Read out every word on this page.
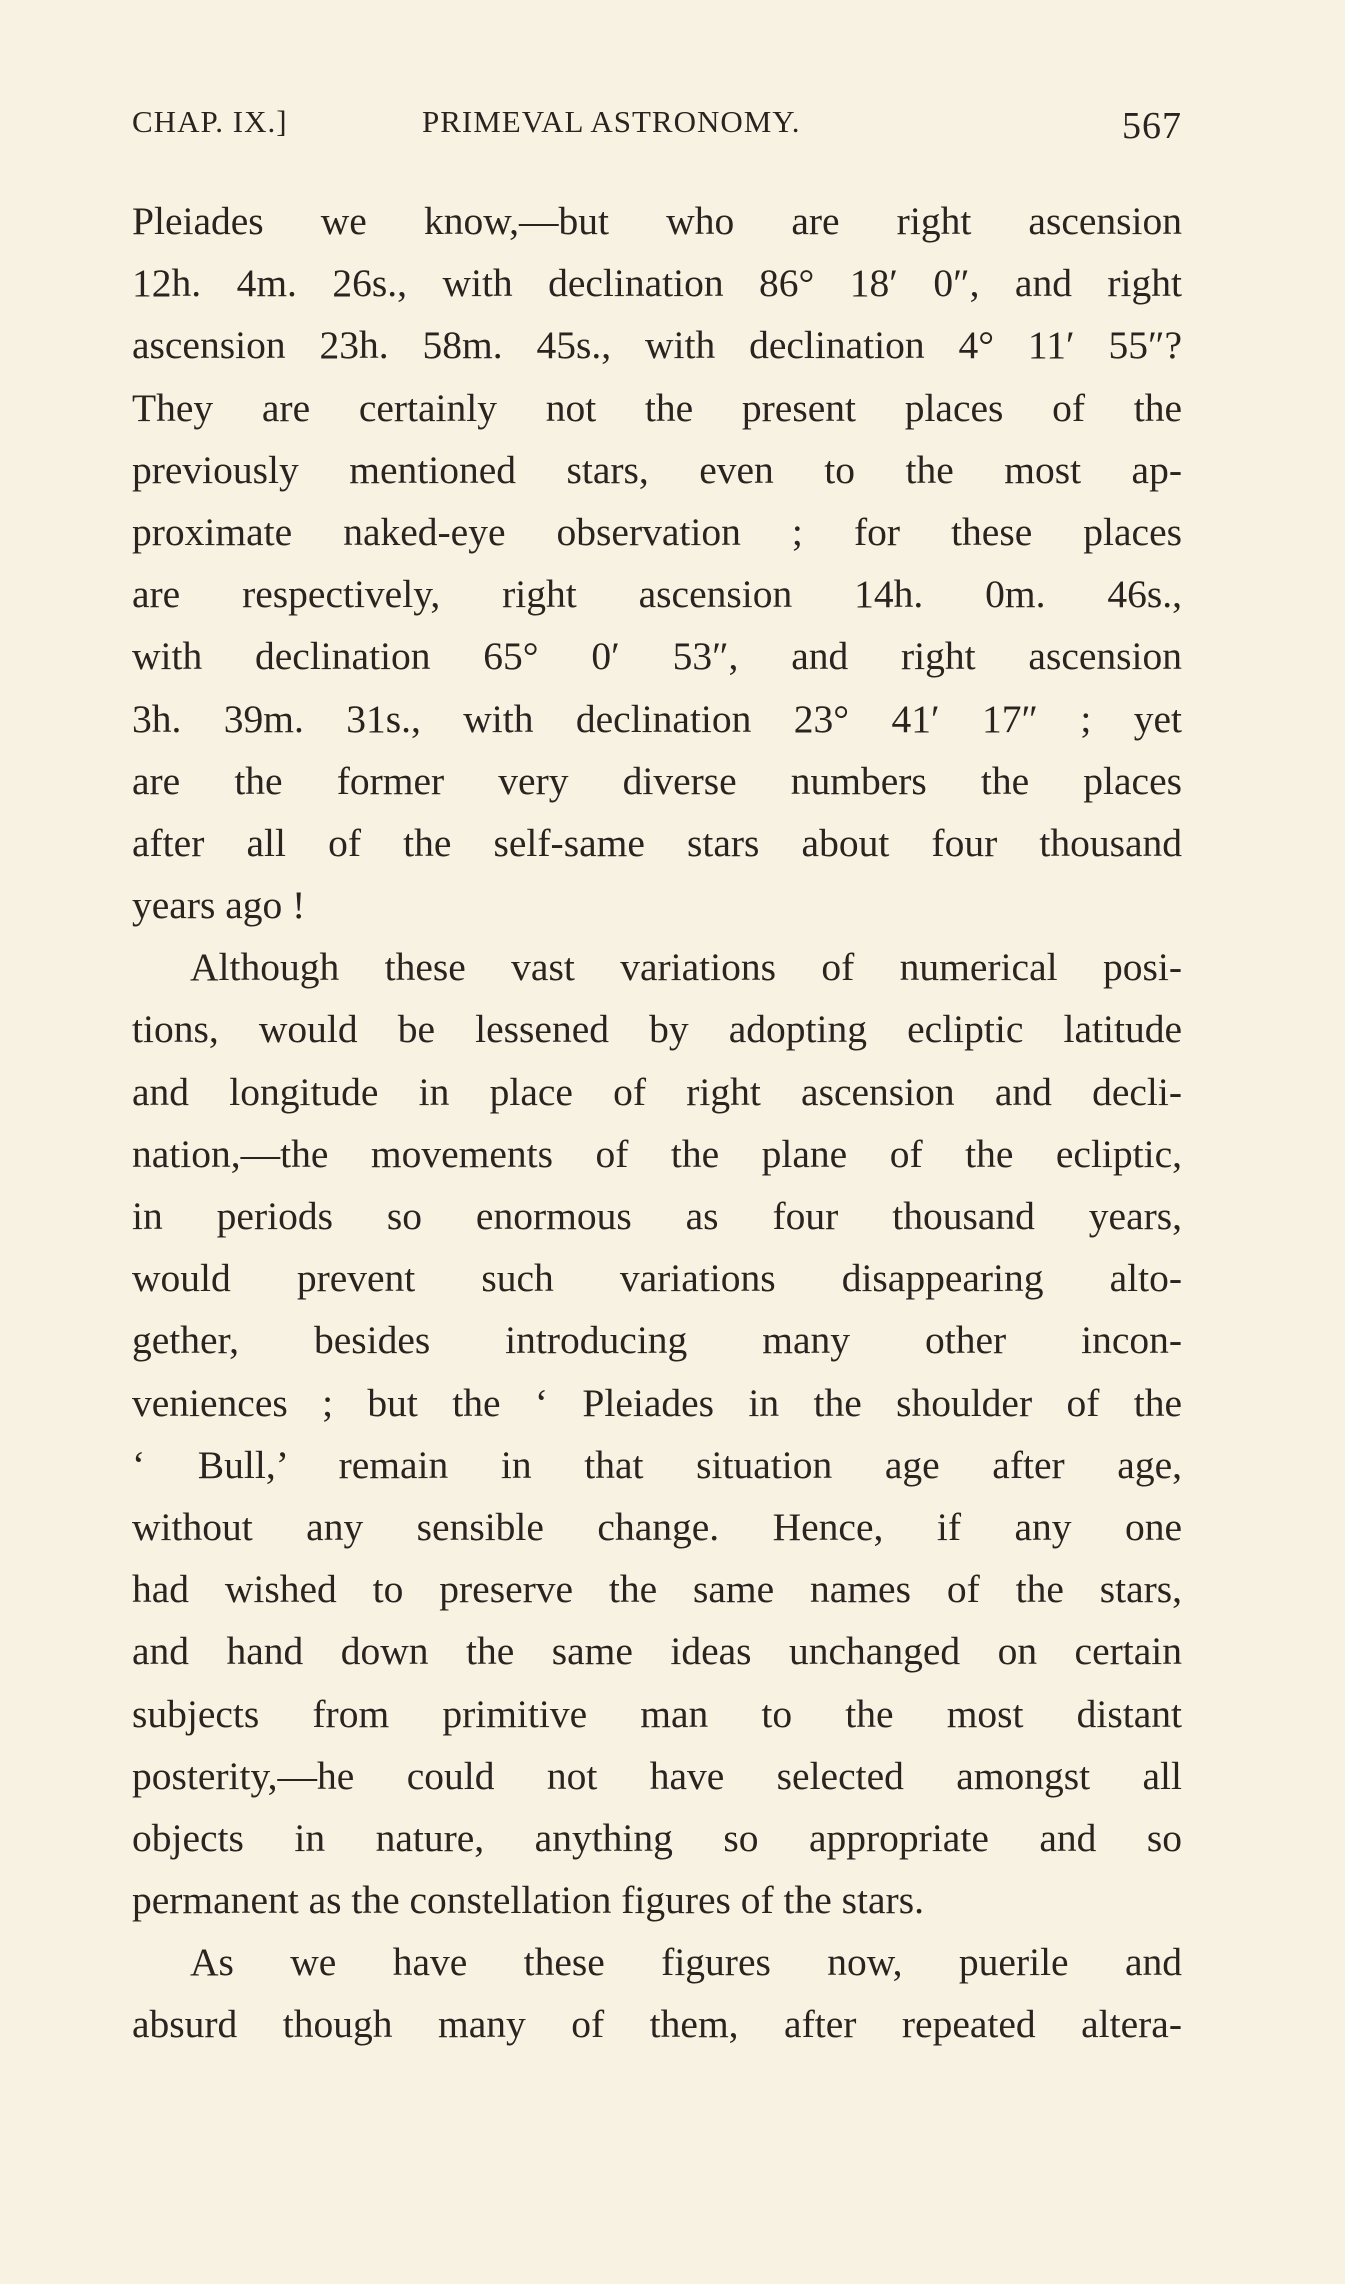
CHAP. IX.]	PRIMEVAL ASTRONOMY.	567
Pleiades we know,—but who are right ascension
12h. 4m. 26s., with declination 86° 18′ 0″, and right
ascension 23h. 58m. 45s., with declination 4° 11′ 55″?
They are certainly not the present places of the
previously mentioned stars, even to the most ap-
proximate naked-eye observation ; for these places
are respectively, right ascension 14h. 0m. 46s.,
with declination 65° 0′ 53″, and right ascension
3h. 39m. 31s., with declination 23° 41′ 17″ ; yet
are the former very diverse numbers the places
after all of the self-same stars about four thousand
years ago !
Although these vast variations of numerical posi-
tions, would be lessened by adopting ecliptic latitude
and longitude in place of right ascension and decli-
nation,—the movements of the plane of the ecliptic,
in periods so enormous as four thousand years,
would prevent such variations disappearing alto-
gether, besides introducing many other incon-
veniences ; but the ‘ Pleiades in the shoulder of the
‘ Bull,’ remain in that situation age after age,
without any sensible change. Hence, if any one
had wished to preserve the same names of the stars,
and hand down the same ideas unchanged on certain
subjects from primitive man to the most distant
posterity,—he could not have selected amongst all
objects in nature, anything so appropriate and so
permanent as the constellation figures of the stars.
As we have these figures now, puerile and
absurd though many of them, after repeated altera-
